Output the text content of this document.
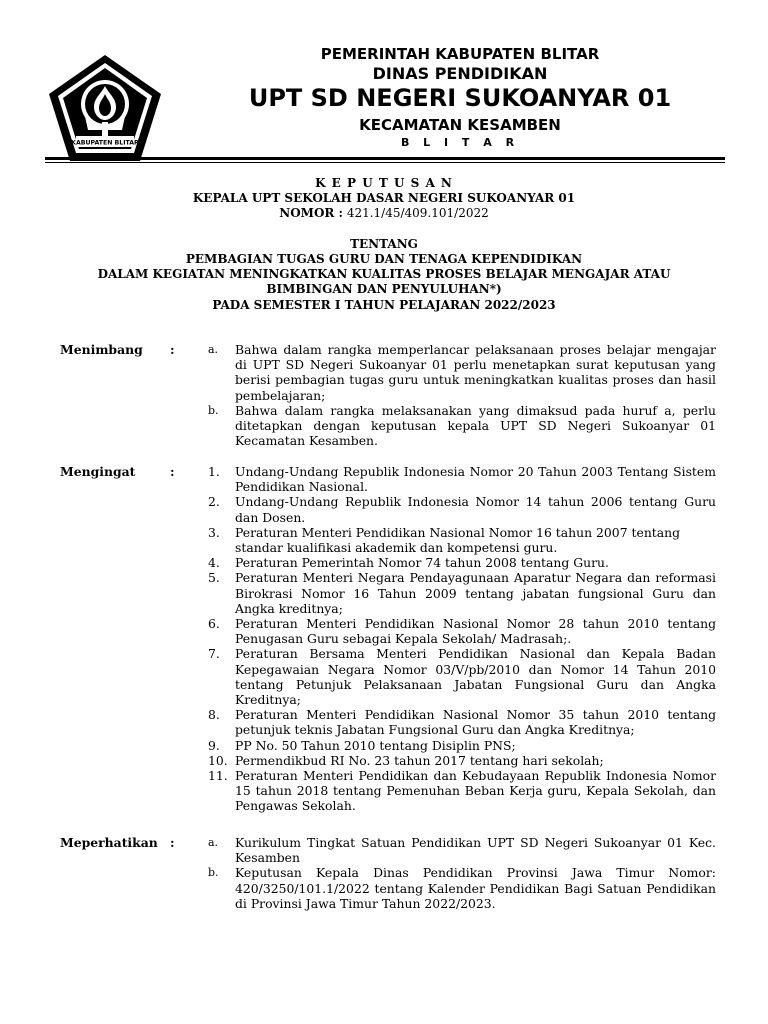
KABUPATEN BLITAR
PEMERINTAH KABUPATEN BLITAR
DINAS PENDIDIKAN
UPT SD NEGERI SUKOANYAR 01
KECAMATAN KESAMBEN
B L I T A R
K E P U T U S A N
KEPALA UPT SEKOLAH DASAR NEGERI SUKOANYAR 01
NOMOR : 421.1/45/409.101/2022
TENTANG
PEMBAGIAN TUGAS GURU DAN TENAGA KEPENDIDIKAN
DALAM KEGIATAN MENINGKATKAN KUALITAS PROSES BELAJAR MENGAJAR ATAU
BIMBINGAN DAN PENYULUHAN*)
PADA SEMESTER I TAHUN PELAJARAN 2022/2023
Menimbang :	a.	Bahwa dalam rangka memperlancar pelaksanaan proses belajar mengajar di UPT SD Negeri Sukoanyar 01 perlu menetapkan surat keputusan yang berisi pembagian tugas guru untuk meningkatkan kualitas proses dan hasil pembelajaran;
b.	Bahwa dalam rangka melaksanakan yang dimaksud pada huruf a, perlu ditetapkan dengan keputusan kepala UPT SD Negeri Sukoanyar 01 Kecamatan Kesamben.
Mengingat	:	1.	Undang-Undang Republik Indonesia Nomor 20 Tahun 2003 Tentang Sistem Pendidikan Nasional.
2.	Undang-Undang Republik Indonesia Nomor 14 tahun 2006 tentang Guru dan Dosen.
3.	Peraturan Menteri Pendidikan Nasional Nomor 16 tahun 2007 tentang standar kualifikasi akademik dan kompetensi guru.
4.	Peraturan Pemerintah Nomor 74 tahun 2008 tentang Guru.
5.	Peraturan Menteri Negara Pendayagunaan Aparatur Negara dan reformasi Birokrasi Nomor 16 Tahun 2009 tentang jabatan fungsional Guru dan Angka kreditnya;
6.	Peraturan Menteri Pendidikan Nasional Nomor 28 tahun 2010 tentang Penugasan Guru sebagai Kepala Sekolah/ Madrasah;.
7.	Peraturan Bersama Menteri Pendidikan Nasional dan Kepala Badan Kepegawaian Negara Nomor 03/V/pb/2010 dan Nomor 14 Tahun 2010 tentang Petunjuk Pelaksanaan Jabatan Fungsional Guru dan Angka Kreditnya;
8.	Peraturan Menteri Pendidikan Nasional Nomor 35 tahun 2010 tentang petunjuk teknis Jabatan Fungsional Guru dan Angka Kreditnya;
9.	PP No. 50 Tahun 2010 tentang Disiplin PNS;
10. Permendikbud RI No. 23 tahun 2017 tentang hari sekolah;
11. Peraturan Menteri Pendidikan dan Kebudayaan Republik Indonesia Nomor 15 tahun 2018 tentang Pemenuhan Beban Kerja guru, Kepala Sekolah, dan Pengawas Sekolah.
Meperhatikan :	a.	Kurikulum Tingkat Satuan Pendidikan UPT SD Negeri Sukoanyar 01 Kec. Kesamben
b.	Keputusan Kepala Dinas Pendidikan Provinsi Jawa Timur Nomor: 420/3250/101.1/2022 tentang Kalender Pendidikan Bagi Satuan Pendidikan di Provinsi Jawa Timur Tahun 2022/2023.
